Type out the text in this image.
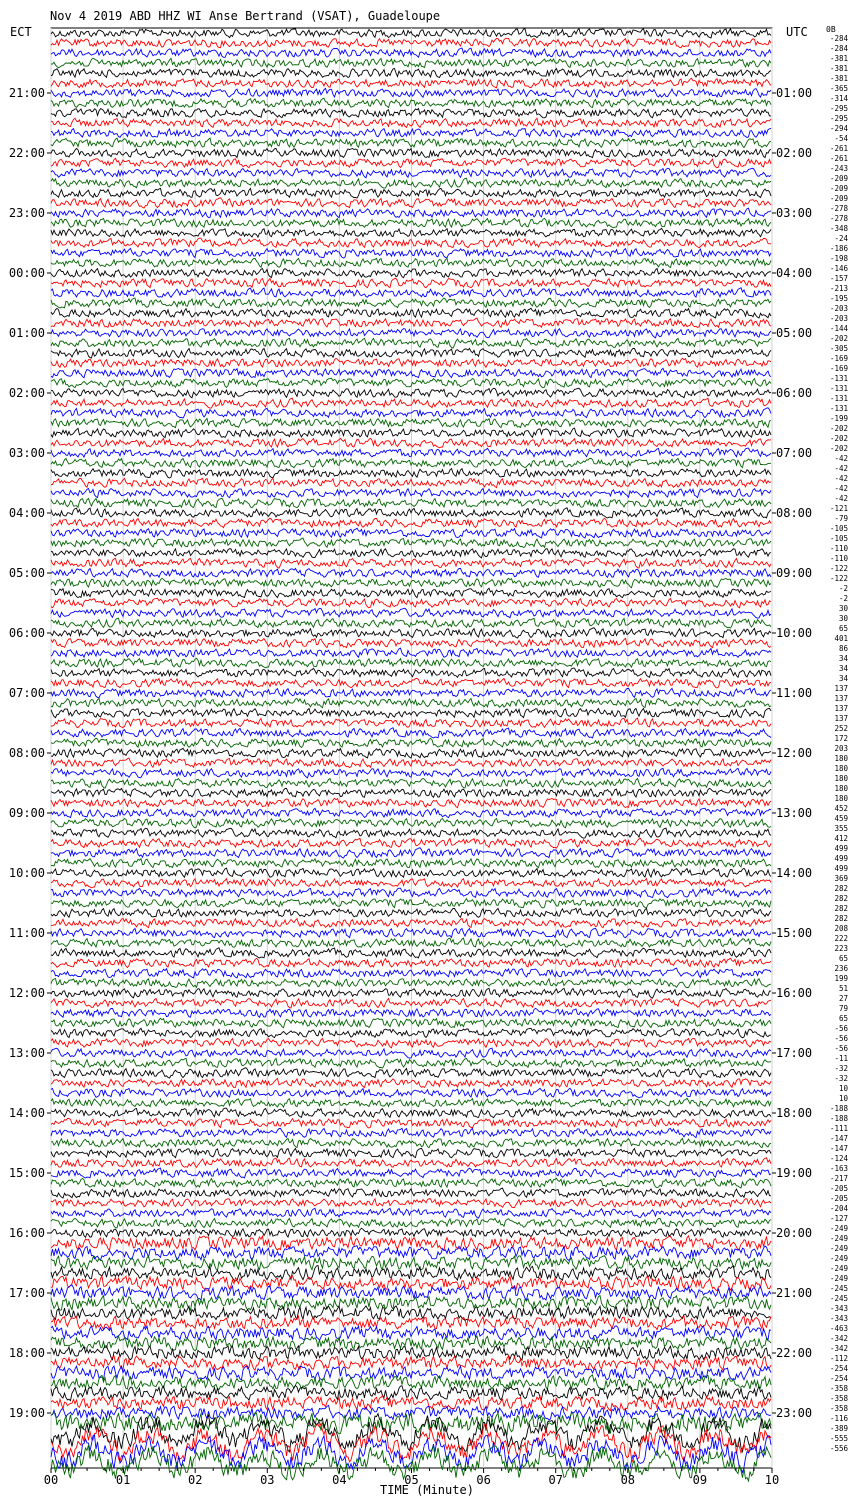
Nov 4 2019 ABD HHZ WI Anse Bertrand (VSAT), Guadeloupe
ECT	UTC 0B
21:00
22:00
23:00
00:00
01:00
02:00
03:00
04:00
05:00
06:00
07:00
08:00
09:00
10:00
11:00
12:00
13:00
14:00
15:00
16:00
17:00
18:00
19:00
01:00
02:00
03:00
04:00
05:00
06:00
07:00
08:00
09:00
10:00
11:00
12:00
13:00
14:00
15:00
16:00
17:00
18:00
19:00
20:00
21:00
22:00
23:00
-284
-284
-381
-381
-381
-365
-314
-295
-295
-294
-54
-261
-261
-243
-209
-209
-209
-278
-278
-348
-24
-186
-198
-146
-157
-213
-195
-203
-203
-144
-202
-305
-169
-169
-131
-131
-131
-131
-199
-202
-202
-202
-42
-42
-42
-42
-42
-121
-79
-105
-105
-110
-110
-122
-122
-2
-2
30
30
65
401
86
34
34
34
137
137
137
137
252
172
203
180
180
180
180
180
452
459
355
412
499
499
499
369
282
282
282
282
208
222
223
65
236
199
51
27
79
65
-56
-56
-56
-11
-32
-32
10
10
-188
-188
-111
-147
-147
-124
-163
-217
-205
-205
-204
-127
-249
-249
-249
-249
-249
-249
-245
-245
-343
-343
-463
-342
-342
-112
-254
-254
-358
-358
-358
-116
-389
-555
-556
00	01	02	03	04	05	06	07	08	09	10
TIME (Minute)
